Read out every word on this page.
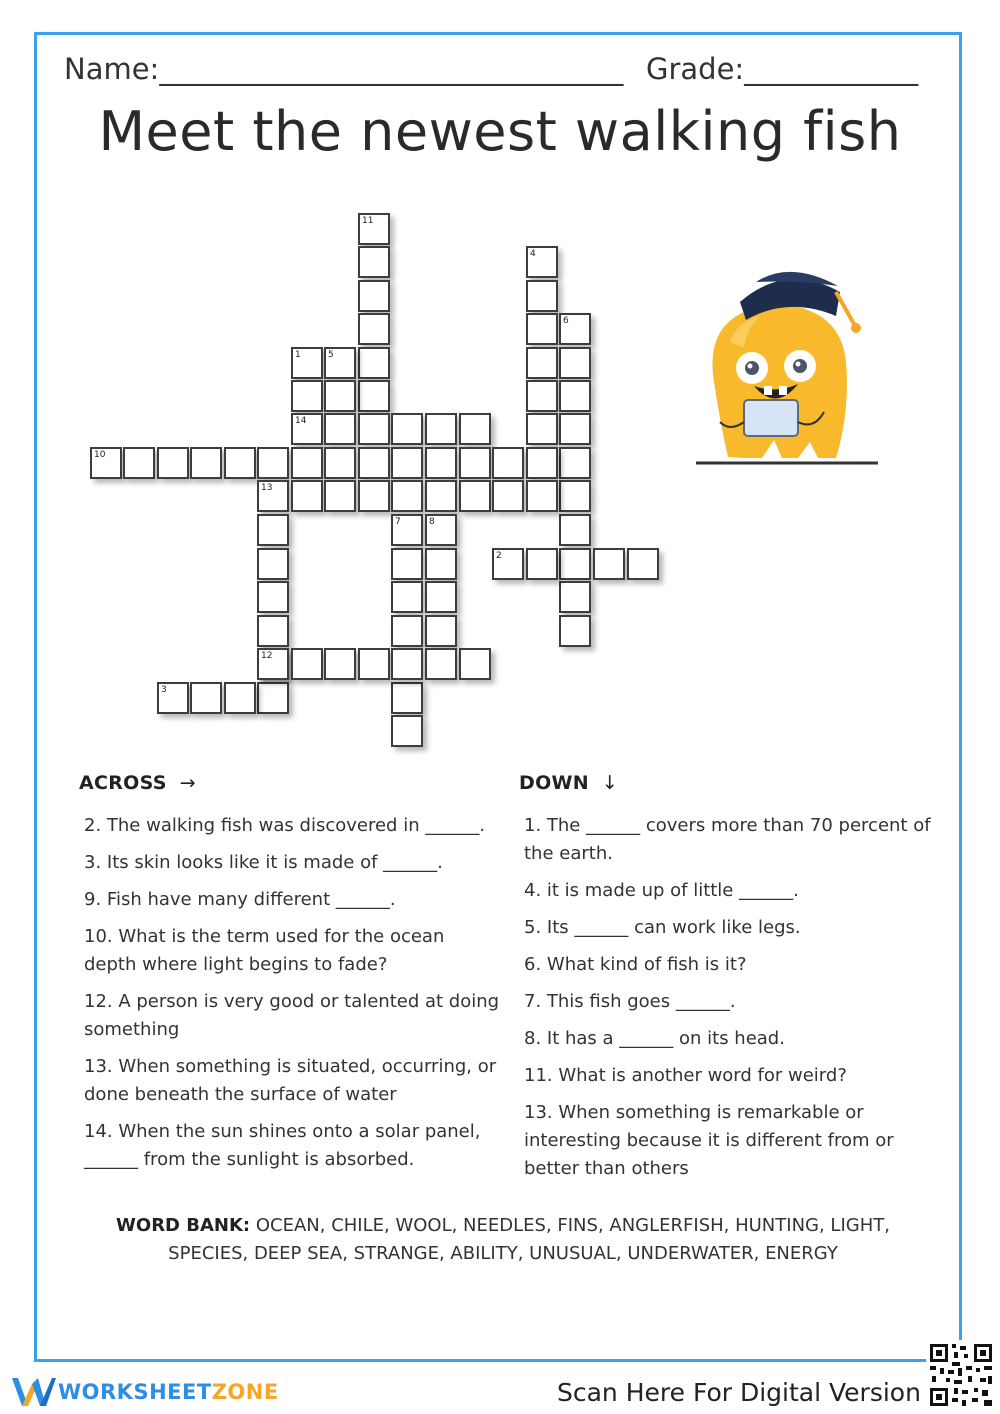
Name:________________________________ Grade:____________
Meet the newest walking fish
11
4
6
1	5
14
10
13
7	8
2
12
3
ACROSS →	DOWN ↓
2. The walking fish was discovered in ______.
3. Its skin looks like it is made of ______.
9. Fish have many different ______.
10. What is the term used for the ocean depth where light begins to fade?
12. A person is very good or talented at doing something
13. When something is situated, occurring, or done beneath the surface of water
14. When the sun shines onto a solar panel, ______ from the sunlight is absorbed.
1. The ______ covers more than 70 percent of the earth.
4. it is made up of little ______.
5. Its ______ can work like legs.
6. What kind of fish is it?
7. This fish goes ______.
8. It has a ______ on its head.
11. What is another word for weird?
13. When something is remarkable or interesting because it is different from or better than others
WORD BANK: OCEAN, CHILE, WOOL, NEEDLES, FINS, ANGLERFISH, HUNTING, LIGHT, SPECIES, DEEP SEA, STRANGE, ABILITY, UNUSUAL, UNDERWATER, ENERGY
WORKSHEETZONE	Scan Here For Digital Version
